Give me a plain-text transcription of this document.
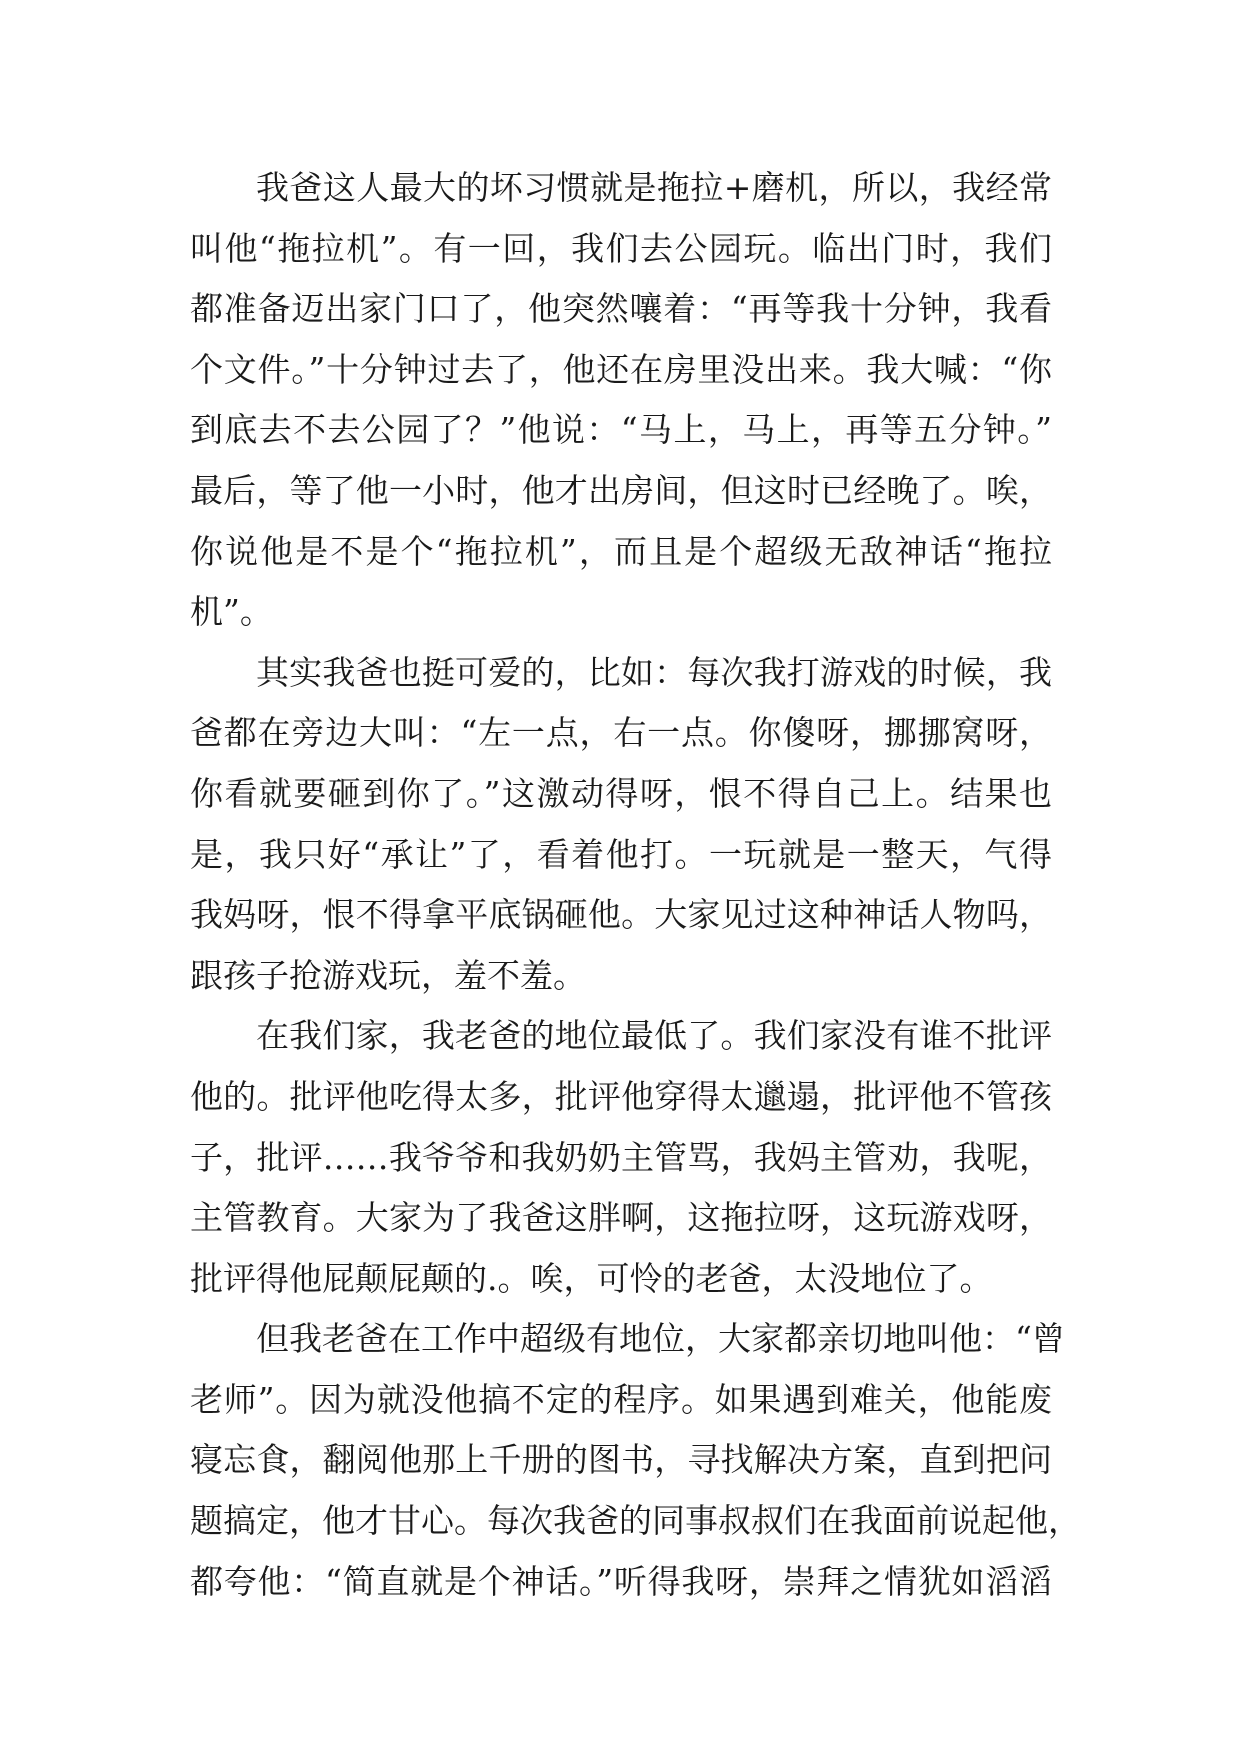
我爸这人最大的坏习惯就是拖拉+磨机，所以，我经常
叫他“拖拉机”。有一回，我们去公园玩。临出门时，我们
都准备迈出家门口了，他突然嚷着：“再等我十分钟，我看
个文件。”十分钟过去了，他还在房里没出来。我大喊：“你
到底去不去公园了？”他说：“马上，马上，再等五分钟。”
最后，等了他一小时，他才出房间，但这时已经晚了。唉，
你说他是不是个“拖拉机”，而且是个超级无敌神话“拖拉
机”。
其实我爸也挺可爱的，比如：每次我打游戏的时候，我
爸都在旁边大叫：“左一点，右一点。你傻呀，挪挪窝呀，
你看就要砸到你了。”这激动得呀，恨不得自己上。结果也
是，我只好“承让”了，看着他打。一玩就是一整天，气得
我妈呀，恨不得拿平底锅砸他。大家见过这种神话人物吗，
跟孩子抢游戏玩，羞不羞。
在我们家，我老爸的地位最低了。我们家没有谁不批评
他的。批评他吃得太多，批评他穿得太邋遢，批评他不管孩
子，批评……我爷爷和我奶奶主管骂，我妈主管劝，我呢，
主管教育。大家为了我爸这胖啊，这拖拉呀，这玩游戏呀，
批评得他屁颠屁颠的.。唉，可怜的老爸，太没地位了。
但我老爸在工作中超级有地位，大家都亲切地叫他：“曾
老师”。因为就没他搞不定的程序。如果遇到难关，他能废
寝忘食，翻阅他那上千册的图书，寻找解决方案，直到把问
题搞定，他才甘心。每次我爸的同事叔叔们在我面前说起他，
都夸他：“简直就是个神话。”听得我呀，崇拜之情犹如滔滔
